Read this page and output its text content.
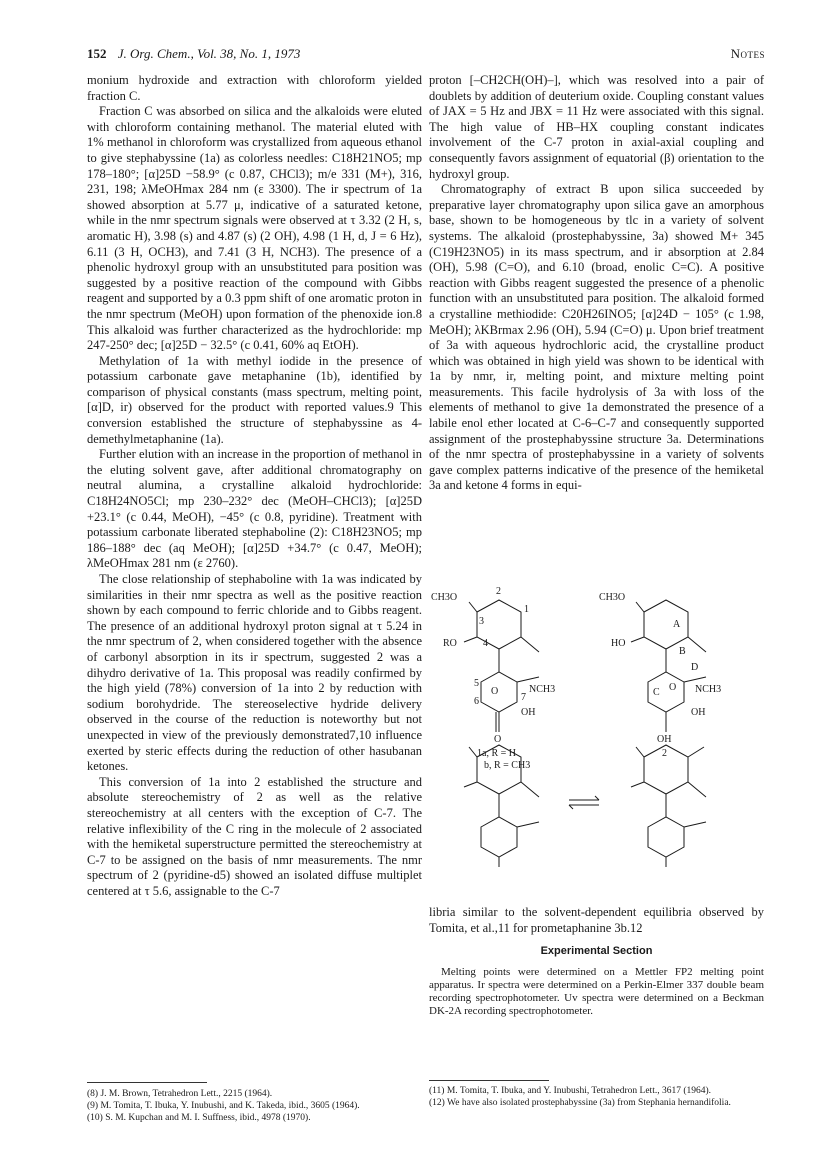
152 J. Org. Chem., Vol. 38, No. 1, 1973	Notes

monium hydroxide and extraction with chloroform yielded fraction C.

Fraction C was absorbed on silica and the alkaloids were eluted with chloroform containing methanol. The material eluted with 1% methanol in chloroform was crystallized from aqueous ethanol to give stephabyssine (1a) as colorless needles: C18H21NO5; mp 178–180°; [α]25D −58.9° (c 0.87, CHCl3); m/e 331 (M+), 316, 231, 198; λMeOHmax 284 nm (ε 3300). The ir spectrum of 1a showed absorption at 5.77 μ, indicative of a saturated ketone, while in the nmr spectrum signals were observed at τ 3.32 (2 H, s, aromatic H), 3.98 (s) and 4.87 (s) (2 OH), 4.98 (1 H, d, J = 6 Hz), 6.11 (3 H, OCH3), and 7.41 (3 H, NCH3). The presence of a phenolic hydroxyl group with an unsubstituted para position was suggested by a positive reaction of the compound with Gibbs reagent and supported by a 0.3 ppm shift of one aromatic proton in the nmr spectrum (MeOH) upon formation of the phenoxide ion.8 This alkaloid was further characterized as the hydrochloride: mp 247-250° dec; [α]25D − 32.5° (c 0.41, 60% aq EtOH).

Methylation of 1a with methyl iodide in the presence of potassium carbonate gave metaphanine (1b), identified by comparison of physical constants (mass spectrum, melting point, [α]D, ir) observed for the product with reported values.9 This conversion established the structure of stephabyssine as 4-demethylmetaphanine (1a).

Further elution with an increase in the proportion of methanol in the eluting solvent gave, after additional chromatography on neutral alumina, a crystalline alkaloid hydrochloride: C18H24NO5Cl; mp 230–232° dec (MeOH–CHCl3); [α]25D +23.1° (c 0.44, MeOH), −45° (c 0.8, pyridine). Treatment with potassium carbonate liberated stephaboline (2): C18H23NO5; mp 186–188° dec (aq MeOH); [α]25D +34.7° (c 0.47, MeOH); λMeOHmax 281 nm (ε 2760).

The close relationship of stephaboline with 1a was indicated by similarities in their nmr spectra as well as the positive reaction shown by each compound to ferric chloride and to Gibbs reagent. The presence of an additional hydroxyl proton signal at τ 5.24 in the nmr spectrum of 2, when considered together with the absence of carbonyl absorption in its ir spectrum, suggested 2 was a dihydro derivative of 1a. This proposal was readily confirmed by the high yield (78%) conversion of 1a into 2 by reduction with sodium borohydride. The stereoselective hydride delivery observed in the course of the reduction is noteworthy but not unexpected in view of the previously demonstrated7,10 influence exerted by steric effects during the reduction of other hasubanan ketones.

This conversion of 1a into 2 established the structure and absolute stereochemistry of 2 as well as the relative stereochemistry at all centers with the exception of C-7. The relative inflexibility of the C ring in the molecule of 2 associated with the hemiketal superstructure permitted the stereochemistry at C-7 to be assigned on the basis of nmr measurements. The nmr spectrum of 2 (pyridine-d5) showed an isolated diffuse multiplet centered at τ 5.6, assignable to the C-7

(8) J. M. Brown, Tetrahedron Lett., 2215 (1964).

(9) M. Tomita, T. Ibuka, Y. Inubushi, and K. Takeda, ibid., 3605 (1964).

(10) S. M. Kupchan and M. I. Suffness, ibid., 4978 (1970).

proton [–CH2CH(OH)–], which was resolved into a pair of doublets by addition of deuterium oxide. Coupling constant values of JAX = 5 Hz and JBX = 11 Hz were associated with this signal. The high value of HB–HX coupling constant indicates involvement of the C-7 proton in axial-axial coupling and consequently favors assignment of equatorial (β) orientation to the hydroxyl group.

Chromatography of extract B upon silica succeeded by preparative layer chromatography upon silica gave an amorphous base, shown to be homogeneous by tlc in a variety of solvent systems. The alkaloid (prostephabyssine, 3a) showed M+ 345 (C19H23NO5) in its mass spectrum, and ir absorption at 2.84 (OH), 5.98 (C=O), and 6.10 (broad, enolic C=C). A positive reaction with Gibbs reagent suggested the presence of a phenolic function with an unsubstituted para position. The alkaloid formed a crystalline methiodide: C20H26INO5; [α]24D − 105° (c 1.98, MeOH); λKBrmax 2.96 (OH), 5.94 (C=O) μ. Upon brief treatment of 3a with aqueous hydrochloric acid, the crystalline product which was obtained in high yield was shown to be identical with 1a by nmr, ir, melting point, and mixture melting point measurements. This facile hydrolysis of 3a with loss of the elements of methanol to give 1a demonstrated the presence of a labile enol ether located at C-6–C-7 and consequently supported assignment of the prostephabyssine structure 3a. Determinations of the nmr spectra of prostephabyssine in a variety of solvents gave complex patterns indicative of the presence of the hemiketal 3a and ketone 4 forms in equi-

CH3O
2
1
3
4
RO
5
6
O
7
NCH3
OH
O
1a, R = H
b, R = CH3
CH3O
A
B
C
D
HO
O NCH3
OH
OH
2

libria similar to the solvent-dependent equilibria observed by Tomita, et al.,11 for prometaphanine 3b.12

Experimental Section

Melting points were determined on a Mettler FP2 melting point apparatus. Ir spectra were determined on a Perkin-Elmer 337 double beam recording spectrophotometer. Uv spectra were determined on a Beckman DK-2A recording spectrophotometer.

(11) M. Tomita, T. Ibuka, and Y. Inubushi, Tetrahedron Lett., 3617 (1964).

(12) We have also isolated prostephabyssine (3a) from Stephania hernandifolia.
